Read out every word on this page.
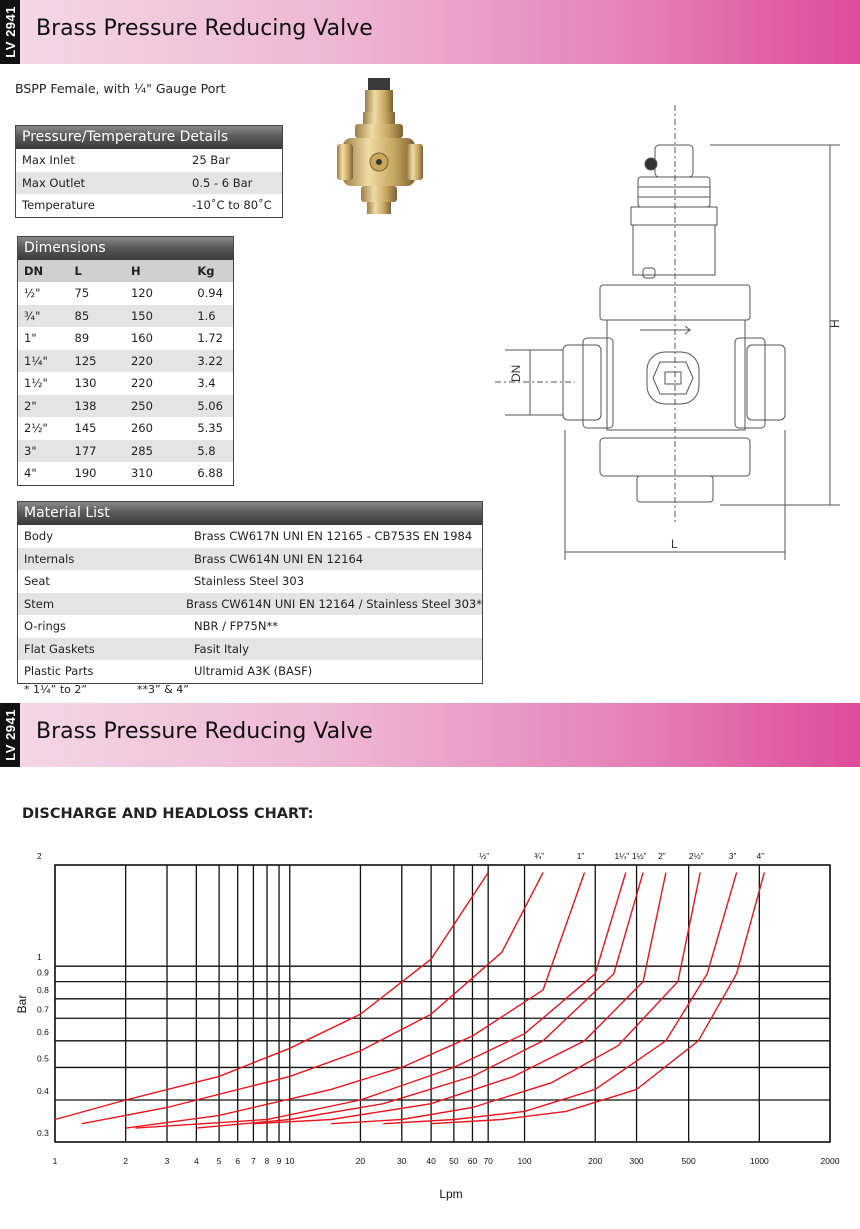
LV 2941 Brass Pressure Reducing Valve
BSPP Female, with ¼" Gauge Port
DN
H
L
Pressure/Temperature Details
Max Inlet	25 Bar
Max Outlet	0.5 - 6 Bar
Temperature	-10˚C to 80˚C
Dimensions
DN	L	H	Kg
½"	75	120	0.94
¾"	85	150	1.6
1"	89	160	1.72
1¼"	125	220	3.22
1½"	130	220	3.4
2"	138	250	5.06
2½"	145	260	5.35
3"	177	285	5.8
4"	190	310	6.88
Material List
Body	Brass CW617N UNI EN 12165 - CB753S EN 1984
Internals	Brass CW614N UNI EN 12164
Seat	Stainless Steel 303
Stem	Brass CW614N UNI EN 12164 / Stainless Steel 303*
O-rings	NBR / FP75N**
Flat Gaskets	Fasit Italy
Plastic Parts	Ultramid A3K (BASF)
* 1¼” to 2”	**3” & 4”
LV 2941 Brass Pressure Reducing Valve
DISCHARGE AND HEADLOSS CHART:
1	2	3	4 5 6 7 8 9 10	20	30 40 50 60 70	100	200	300	500	1000	2000
0.3
0.4
0.5
0.6
0.7
0.8
0.9
1
2	½”	¾”	1”	1¼” 1½” 2”	2½”	3” 4”
Lpm
Bar
